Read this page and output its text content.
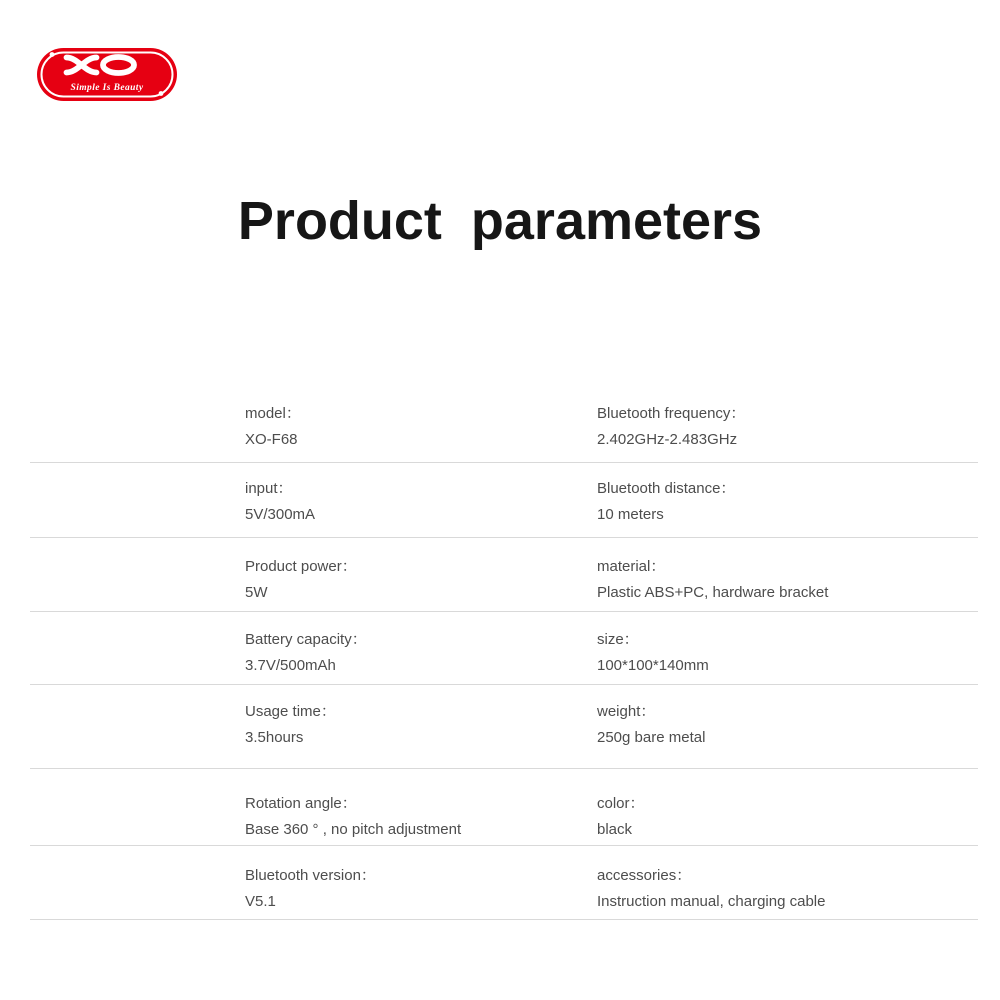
Simple Is Beauty
Product parameters
model：
XO-F68
Bluetooth frequency：
2.402GHz-2.483GHz
input：
5V/300mA
Bluetooth distance：
10 meters
Product power：
5W
material：
Plastic ABS+PC, hardware bracket
Battery capacity：
3.7V/500mAh
size：
100*100*140mm
Usage time：
3.5hours
weight：
250g bare metal
Rotation angle：
Base 360 ° , no pitch adjustment
color：
black
Bluetooth version：
V5.1
accessories：
Instruction manual, charging cable
